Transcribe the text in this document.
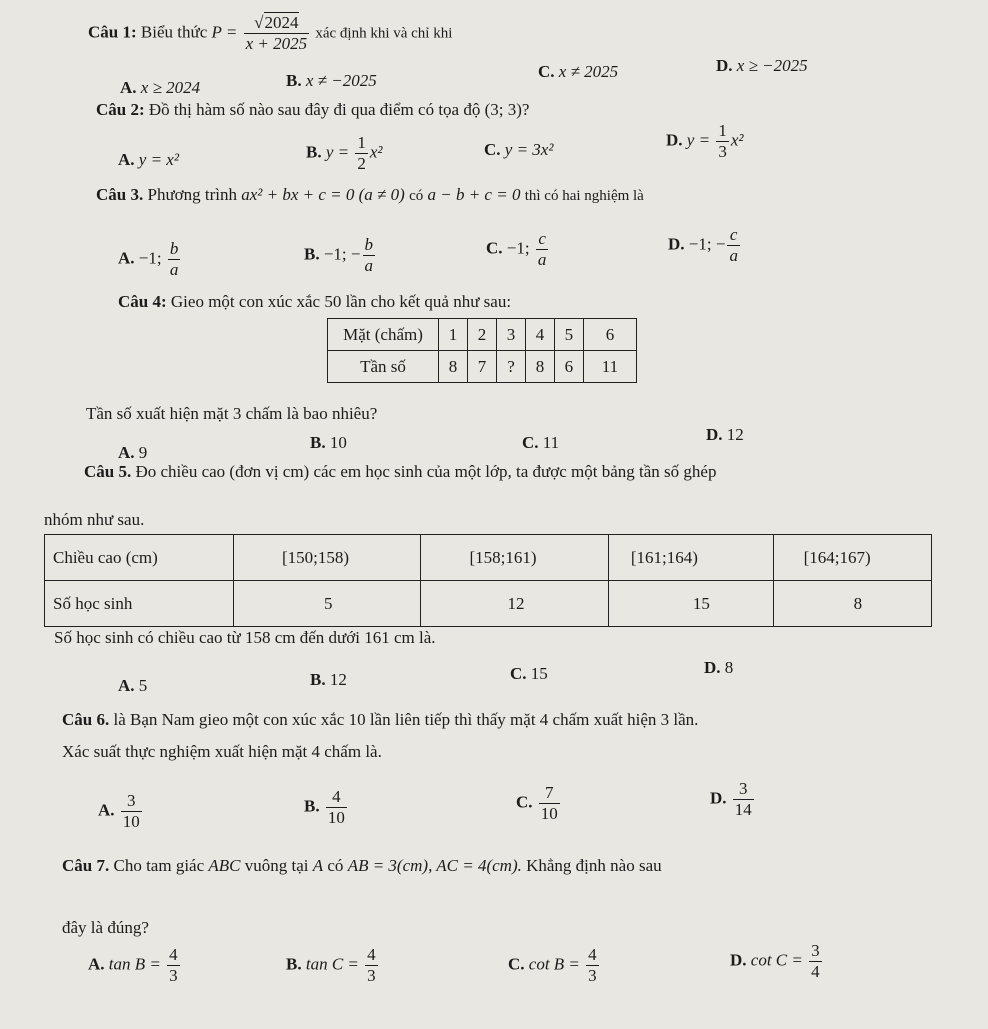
Câu 1: Biểu thức $P = \frac{√2024}{x + 2025}$ xác định khi và chỉ khi
A. x ≥ 2024	B. x ≠ −2025	C. x ≠ 2025	D. x ≥ −2025
Câu 2: Đồ thị hàm số nào sau đây đi qua điểm có tọa độ (3; 3)?
A. y = x²	B. $y = \frac{1}{2} x^2$	C. y = 3x²
D. $y = \frac{1}{3} x^2$
Câu 3. Phương trình ax² + bx + c = 0 (a ≠ 0) có a − b + c = 0 thì có hai nghiệm là
A. −1; $\frac{b}{a}$	B. −1; − $\frac{b}{a}$	C. −1; $\frac{c}{a}$	D. −1; − $\frac{c}{a}$
Câu 4: Gieo một con xúc xắc 50 lần cho kết quả như sau:
Mặt (chấm)	1	2	3	4	5	6
Tần số	8	7	?	8	6	11
Tần số xuất hiện mặt 3 chấm là bao nhiêu?
A. 9
B. 10	C. 11	D. 12
Câu 5. Đo chiều cao (đơn vị cm) các em học sinh của một lớp, ta được một bảng tần số ghép
nhóm như sau.
Chiều cao (cm)	[150;158)	[158;161)	[161;164)	[164;167)
Số học sinh	5	12	15	8
Số học sinh có chiều cao từ 158 cm đến dưới 161 cm là.
A. 5	B. 12	C. 15	D. 8
Câu 6. là Bạn Nam gieo một con xúc xắc 10 lần liên tiếp thì thấy mặt 4 chấm xuất hiện 3 lần.
Xác suất thực nghiệm xuất hiện mặt 4 chấm là.
A. $\frac{3}{10}$	B. $\frac{4}{10}$	C. $\frac{7}{10}$	D. $\frac{3}{14}$
Câu 7. Cho tam giác ABC vuông tại A có AB = 3(cm), AC = 4(cm). Khẳng định nào sau
đây là đúng?
A. $\tan B = \frac{4}{3}$	B. $\tan C = \frac{4}{3}$	C. $\cot B = \frac{4}{3}$	D. $\cot C = \frac{3}{4}$
